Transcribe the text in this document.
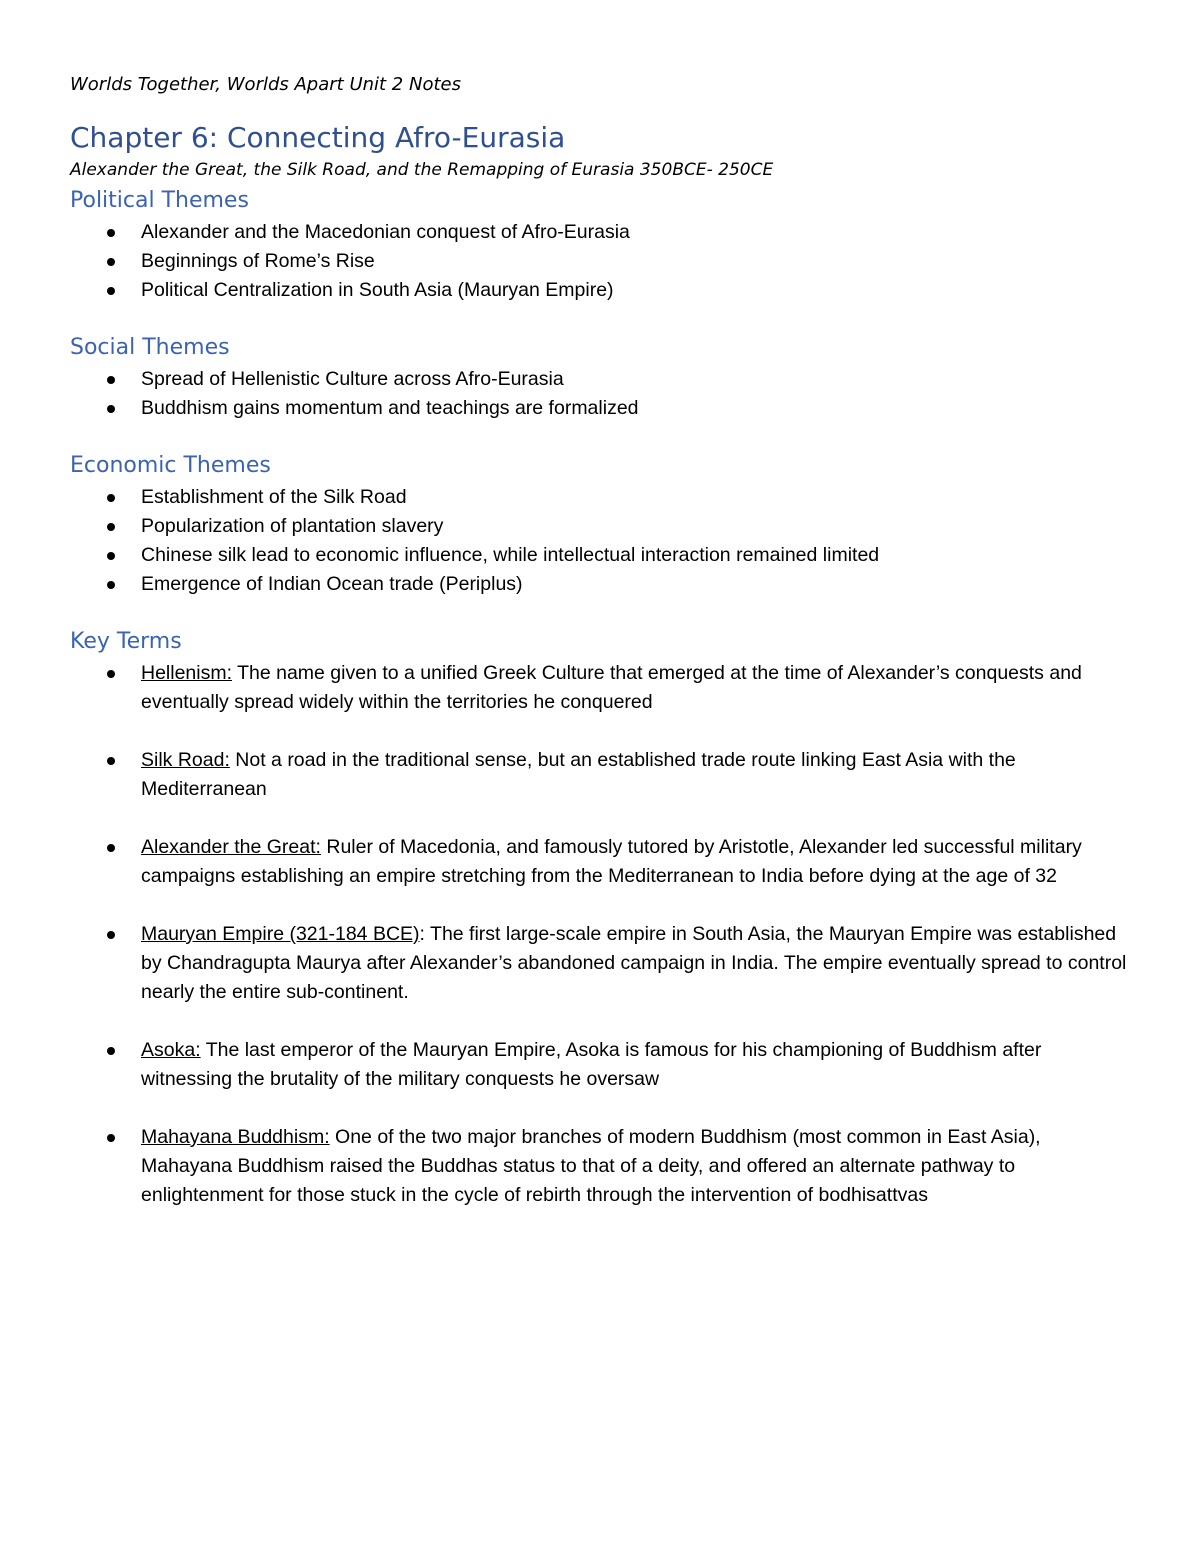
Worlds Together, Worlds Apart Unit 2 Notes

Chapter 6: Connecting Afro-Eurasia

Alexander the Great, the Silk Road, and the Remapping of Eurasia 350BCE- 250CE

Political Themes
Alexander and the Macedonian conquest of Afro-Eurasia
Beginnings of Rome’s Rise
Political Centralization in South Asia (Mauryan Empire)
Social Themes
Spread of Hellenistic Culture across Afro-Eurasia
Buddhism gains momentum and teachings are formalized
Economic Themes
Establishment of the Silk Road
Popularization of plantation slavery
Chinese silk lead to economic influence, while intellectual interaction remained limited
Emergence of Indian Ocean trade (Periplus)
Key Terms
Hellenism: The name given to a unified Greek Culture that emerged at the time of Alexander’s conquests and eventually spread widely within the territories he conquered
Silk Road: Not a road in the traditional sense, but an established trade route linking East Asia with the Mediterranean
Alexander the Great: Ruler of Macedonia, and famously tutored by Aristotle, Alexander led successful military campaigns establishing an empire stretching from the Mediterranean to India before dying at the age of 32
Mauryan Empire (321-184 BCE): The first large-scale empire in South Asia, the Mauryan Empire was established by Chandragupta Maurya after Alexander’s abandoned campaign in India. The empire eventually spread to control nearly the entire sub-continent.
Asoka: The last emperor of the Mauryan Empire, Asoka is famous for his championing of Buddhism after witnessing the brutality of the military conquests he oversaw
Mahayana Buddhism: One of the two major branches of modern Buddhism (most common in East Asia), Mahayana Buddhism raised the Buddhas status to that of a deity, and offered an alternate pathway to enlightenment for those stuck in the cycle of rebirth through the intervention of bodhisattvas
